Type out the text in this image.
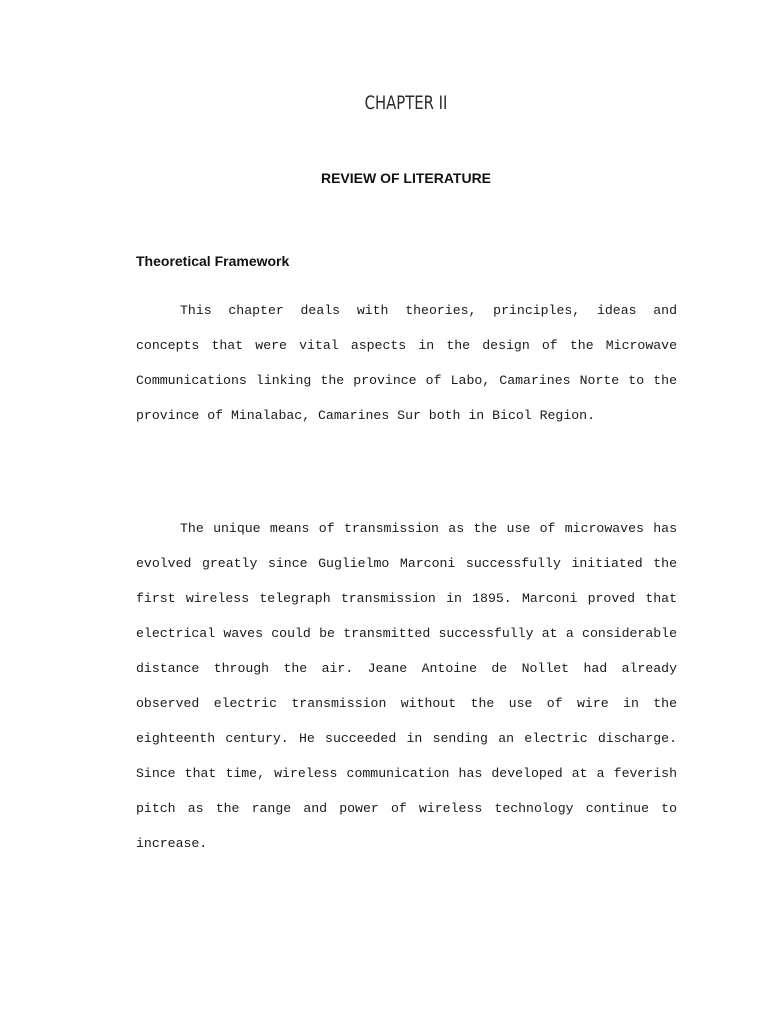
CHAPTER II
REVIEW OF LITERATURE
Theoretical Framework

This chapter deals with theories, principles, ideas and concepts that were vital aspects in the design of the Microwave Communications linking the province of Labo, Camarines Norte to the province of Minalabac, Camarines Sur both in Bicol Region.

The unique means of transmission as the use of microwaves has evolved greatly since Guglielmo Marconi successfully initiated the first wireless telegraph transmission in 1895. Marconi proved that electrical waves could be transmitted successfully at a considerable distance through the air. Jeane Antoine de Nollet had already observed electric transmission without the use of wire in the eighteenth century. He succeeded in sending an electric discharge. Since that time, wireless communication has developed at a feverish pitch as the range and power of wireless technology continue to increase.
